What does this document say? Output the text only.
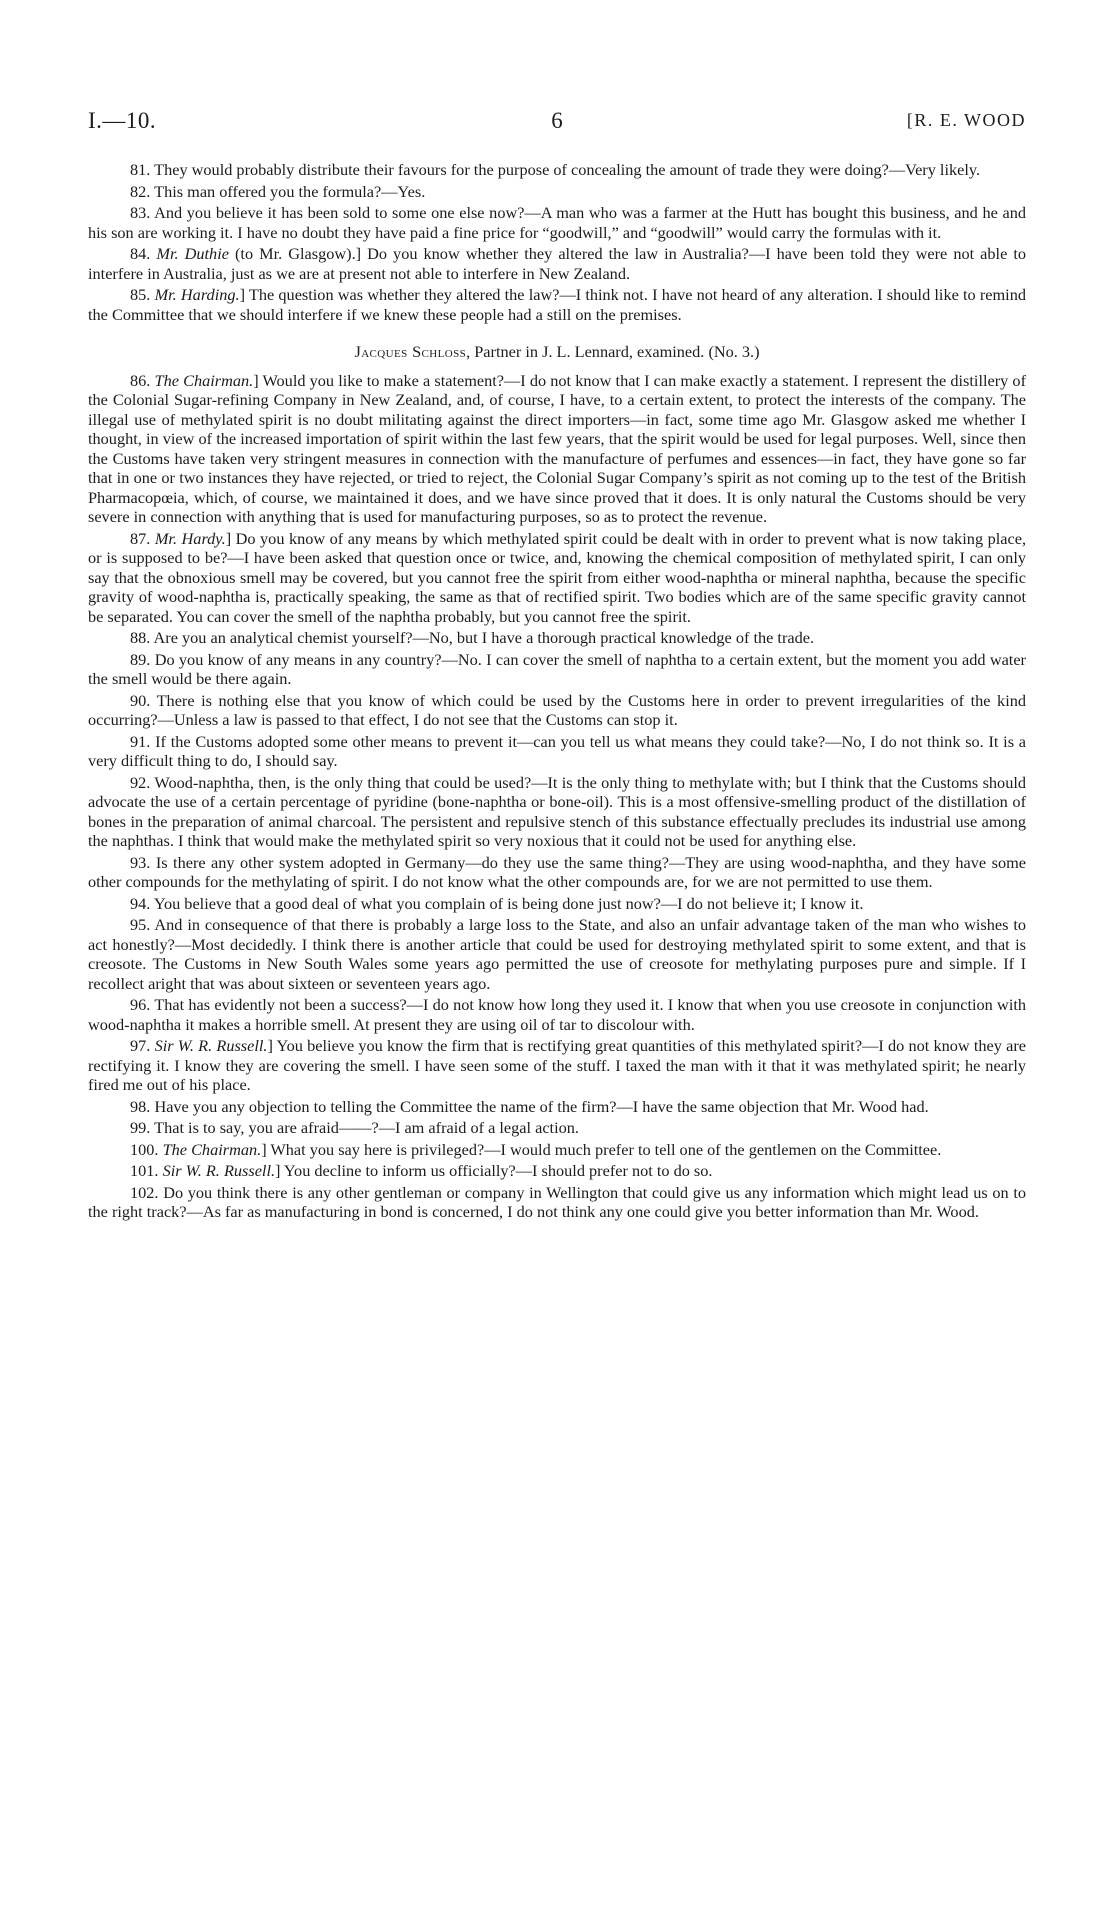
I.—10.	6	[R. E. WOOD

81. They would probably distribute their favours for the purpose of concealing the amount of trade they were doing?—Very likely.

82. This man offered you the formula?—Yes.

83. And you believe it has been sold to some one else now?—A man who was a farmer at the Hutt has bought this business, and he and his son are working it. I have no doubt they have paid a fine price for “goodwill,” and “goodwill” would carry the formulas with it.

84. Mr. Duthie (to Mr. Glasgow).] Do you know whether they altered the law in Australia?—I have been told they were not able to interfere in Australia, just as we are at present not able to interfere in New Zealand.

85. Mr. Harding.] The question was whether they altered the law?—I think not. I have not heard of any alteration. I should like to remind the Committee that we should interfere if we knew these people had a still on the premises.

Jacques Schloss, Partner in J. L. Lennard, examined. (No. 3.)

86. The Chairman.] Would you like to make a statement?—I do not know that I can make exactly a statement. I represent the distillery of the Colonial Sugar-refining Company in New Zealand, and, of course, I have, to a certain extent, to protect the interests of the company. The illegal use of methylated spirit is no doubt militating against the direct importers—in fact, some time ago Mr. Glasgow asked me whether I thought, in view of the increased importation of spirit within the last few years, that the spirit would be used for legal purposes. Well, since then the Customs have taken very stringent measures in connection with the manufacture of perfumes and essences—in fact, they have gone so far that in one or two instances they have rejected, or tried to reject, the Colonial Sugar Company’s spirit as not coming up to the test of the British Pharmacopœia, which, of course, we maintained it does, and we have since proved that it does. It is only natural the Customs should be very severe in connection with anything that is used for manufacturing purposes, so as to protect the revenue.

87. Mr. Hardy.] Do you know of any means by which methylated spirit could be dealt with in order to prevent what is now taking place, or is supposed to be?—I have been asked that question once or twice, and, knowing the chemical composition of methylated spirit, I can only say that the obnoxious smell may be covered, but you cannot free the spirit from either wood-naphtha or mineral naphtha, because the specific gravity of wood-naphtha is, practically speaking, the same as that of rectified spirit. Two bodies which are of the same specific gravity cannot be separated. You can cover the smell of the naphtha probably, but you cannot free the spirit.

88. Are you an analytical chemist yourself?—No, but I have a thorough practical knowledge of the trade.

89. Do you know of any means in any country?—No. I can cover the smell of naphtha to a certain extent, but the moment you add water the smell would be there again.

90. There is nothing else that you know of which could be used by the Customs here in order to prevent irregularities of the kind occurring?—Unless a law is passed to that effect, I do not see that the Customs can stop it.

91. If the Customs adopted some other means to prevent it—can you tell us what means they could take?—No, I do not think so. It is a very difficult thing to do, I should say.

92. Wood-naphtha, then, is the only thing that could be used?—It is the only thing to methylate with; but I think that the Customs should advocate the use of a certain percentage of pyridine (bone-naphtha or bone-oil). This is a most offensive-smelling product of the distillation of bones in the preparation of animal charcoal. The persistent and repulsive stench of this substance effectually precludes its industrial use among the naphthas. I think that would make the methylated spirit so very noxious that it could not be used for anything else.

93. Is there any other system adopted in Germany—do they use the same thing?—They are using wood-naphtha, and they have some other compounds for the methylating of spirit. I do not know what the other compounds are, for we are not permitted to use them.

94. You believe that a good deal of what you complain of is being done just now?—I do not believe it; I know it.

95. And in consequence of that there is probably a large loss to the State, and also an unfair advantage taken of the man who wishes to act honestly?—Most decidedly. I think there is another article that could be used for destroying methylated spirit to some extent, and that is creosote. The Customs in New South Wales some years ago permitted the use of creosote for methylating purposes pure and simple. If I recollect aright that was about sixteen or seventeen years ago.

96. That has evidently not been a success?—I do not know how long they used it. I know that when you use creosote in conjunction with wood-naphtha it makes a horrible smell. At present they are using oil of tar to discolour with.

97. Sir W. R. Russell.] You believe you know the firm that is rectifying great quantities of this methylated spirit?—I do not know they are rectifying it. I know they are covering the smell. I have seen some of the stuff. I taxed the man with it that it was methylated spirit; he nearly fired me out of his place.

98. Have you any objection to telling the Committee the name of the firm?—I have the same objection that Mr. Wood had.

99. That is to say, you are afraid——?—I am afraid of a legal action.

100. The Chairman.] What you say here is privileged?—I would much prefer to tell one of the gentlemen on the Committee.

101. Sir W. R. Russell.] You decline to inform us officially?—I should prefer not to do so.

102. Do you think there is any other gentleman or company in Wellington that could give us any information which might lead us on to the right track?—As far as manufacturing in bond is concerned, I do not think any one could give you better information than Mr. Wood.
